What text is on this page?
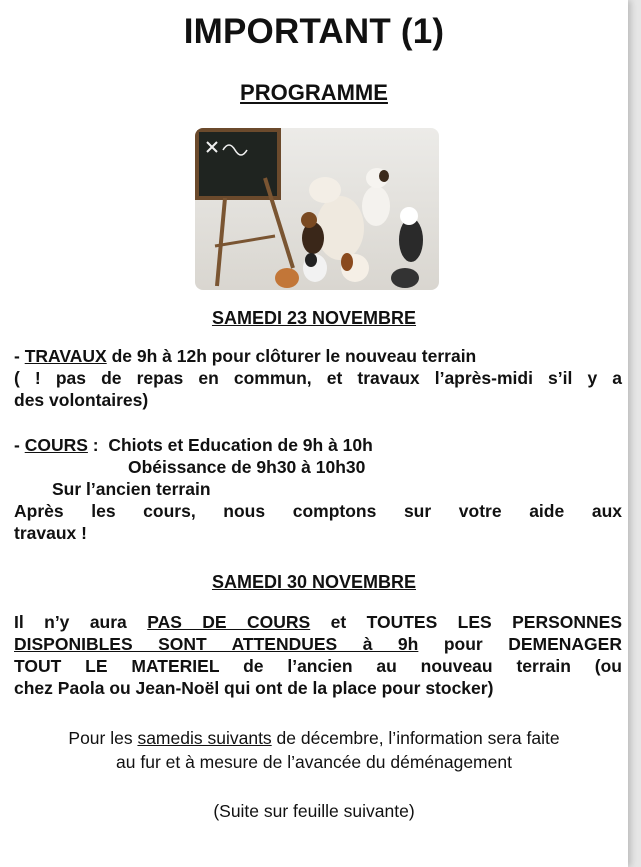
IMPORTANT (1)
PROGRAMME
SAMEDI 23 NOVEMBRE
- TRAVAUX de 9h à 12h pour clôturer le nouveau terrain
( ! pas de repas en commun, et travaux l’après-midi s’il y a
des volontaires)
- COURS :  Chiots et Education de 9h à 10h
Obéissance de 9h30 à 10h30
Sur l’ancien terrain
Après les cours, nous comptons sur votre aide aux
travaux !
SAMEDI 30 NOVEMBRE
Il n’y aura PAS DE COURS et TOUTES LES PERSONNES
DISPONIBLES SONT ATTENDUES à 9h pour DEMENAGER
TOUT LE MATERIEL de l’ancien au nouveau terrain (ou
chez Paola ou Jean-Noël qui ont de la place pour stocker)
Pour les samedis suivants de décembre, l’information sera faite
au fur et à mesure de l’avancée du déménagement
(Suite sur feuille suivante)
